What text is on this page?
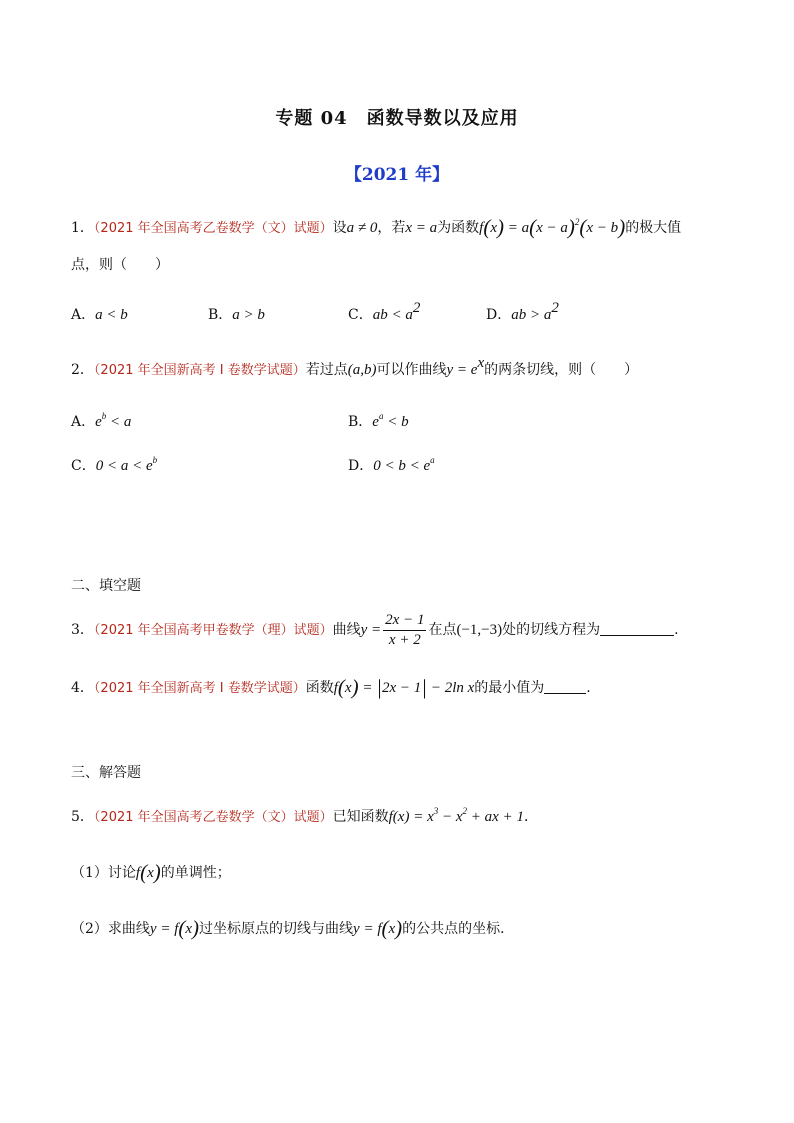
专题 04　函数导数以及应用
【2021 年】
1．（2021 年全国高考乙卷数学（文）试题）设a ≠ 0，若x = a为函数$f(x) = a(x - a)^2(x - b)$的极大值
点，则（　　）
A．a < b	B．a > b	C．ab < $a^2$	D．ab > $a^2$
2．（2021 年全国新高考 I 卷数学试题）若过点(a,b)可以作曲线$y = e^x$的两条切线，则（　　）
A．$e^b < a$	B．$e^a < b$
C．$0 < a < e^b$	D．$0 < b < e^a$
二、填空题
3．（2021 年全国高考甲卷数学（理）试题）曲线$y = \frac{2x - 1}{x + 2}$ 在点(−1,−3)处的切线方程为	.
4．（2021 年全国新高考 I 卷数学试题）函数f(x) = |2x − 1| − 2ln x的最小值为	.
三、解答题
5．（2021 年全国高考乙卷数学（文）试题）已知函数$f(x) = x^3 - x^2$ + ax + 1．
（1）讨论f(x)的单调性；
（2）求曲线y = f(x)过坐标原点的切线与曲线y = f(x)的公共点的坐标．
